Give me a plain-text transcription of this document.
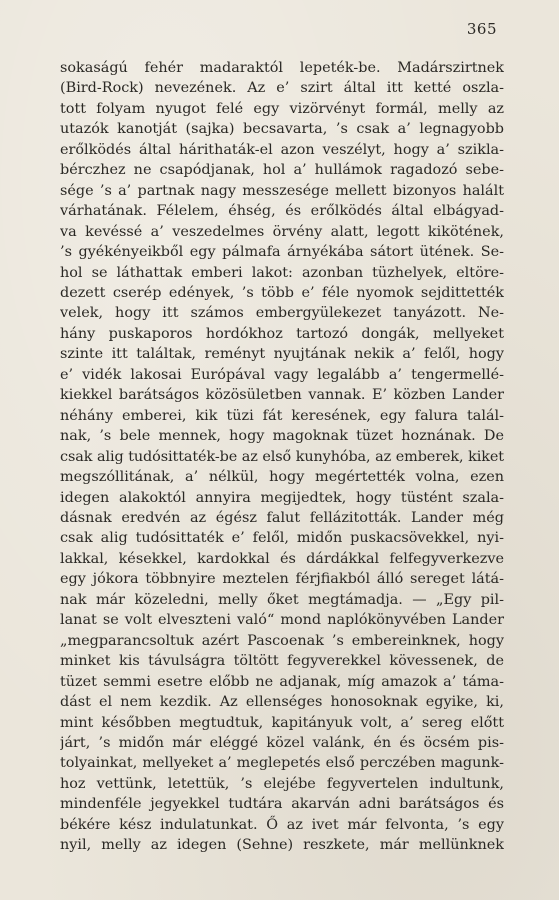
365
sokaságú fehér madaraktól lepeték-be. Madárszirtnek
(Bird-Rock) nevezének. Az e’ szirt által itt ketté oszla-
tott folyam nyugot felé egy vizörvényt formál, melly az
utazók kanotját (sajka) becsavarta, ’s csak a’ legnagyobb
erőlködés által hárithaták-el azon veszélyt, hogy a’ szikla-
bérczhez ne csapódjanak, hol a’ hullámok ragadozó sebe-
sége ’s a’ partnak nagy messzesége mellett bizonyos halált
várhatának. Félelem, éhség, és erőlködés által elbágyad-
va kevéssé a’ veszedelmes örvény alatt, legott kikötének,
’s gyékényeikből egy pálmafa árnyékába sátort ütének. Se-
hol se láthattak emberi lakot: azonban tüzhelyek, eltöre-
dezett cserép edények, ’s több e’ féle nyomok sejdittették
velek, hogy itt számos embergyülekezet tanyázott. Ne-
hány puskaporos hordókhoz tartozó dongák, mellyeket
szinte itt találtak, reményt nyujtának nekik a’ felől, hogy
e’ vidék lakosai Európával vagy legalább a’ tengermellé-
kiekkel barátságos közösületben vannak. E’ közben Lander
néhány emberei, kik tüzi fát keresének, egy falura talál-
nak, ’s bele mennek, hogy magoknak tüzet hoznának. De
csak alig tudósittaték-be az első kunyhóba, az emberek, kiket
megszóllitának, a’ nélkül, hogy megértették volna, ezen
idegen alakoktól annyira megijedtek, hogy tüstént szala-
dásnak eredvén az égész falut fellázitották. Lander még
csak alig tudósittaték e’ felől, midőn puskacsövekkel, nyi-
lakkal, késekkel, kardokkal és dárdákkal felfegyverkezve
egy jókora többnyire meztelen férjfiakból álló sereget látá-
nak már közeledni, melly őket megtámadja. — „Egy pil-
lanat se volt elveszteni való“ mond naplókönyvében Lander
„megparancsoltuk azért Pascoenak ’s embereinknek, hogy
minket kis távulságra töltött fegyverekkel kövessenek, de
tüzet semmi esetre előbb ne adjanak, míg amazok a’ táma-
dást el nem kezdik. Az ellenséges honosoknak egyike, ki,
mint későbben megtudtuk, kapitányuk volt, a’ sereg előtt
járt, ’s midőn már eléggé közel valánk, én és öcsém pis-
tolyainkat, mellyeket a’ meglepetés első perczében magunk-
hoz vettünk, letettük, ’s elejébe fegyvertelen indultunk,
mindenféle jegyekkel tudtára akarván adni barátságos és
békére kész indulatunkat. Ő az ivet már felvonta, ’s egy
nyil, melly az idegen (Sehne) reszkete, már mellünknek
